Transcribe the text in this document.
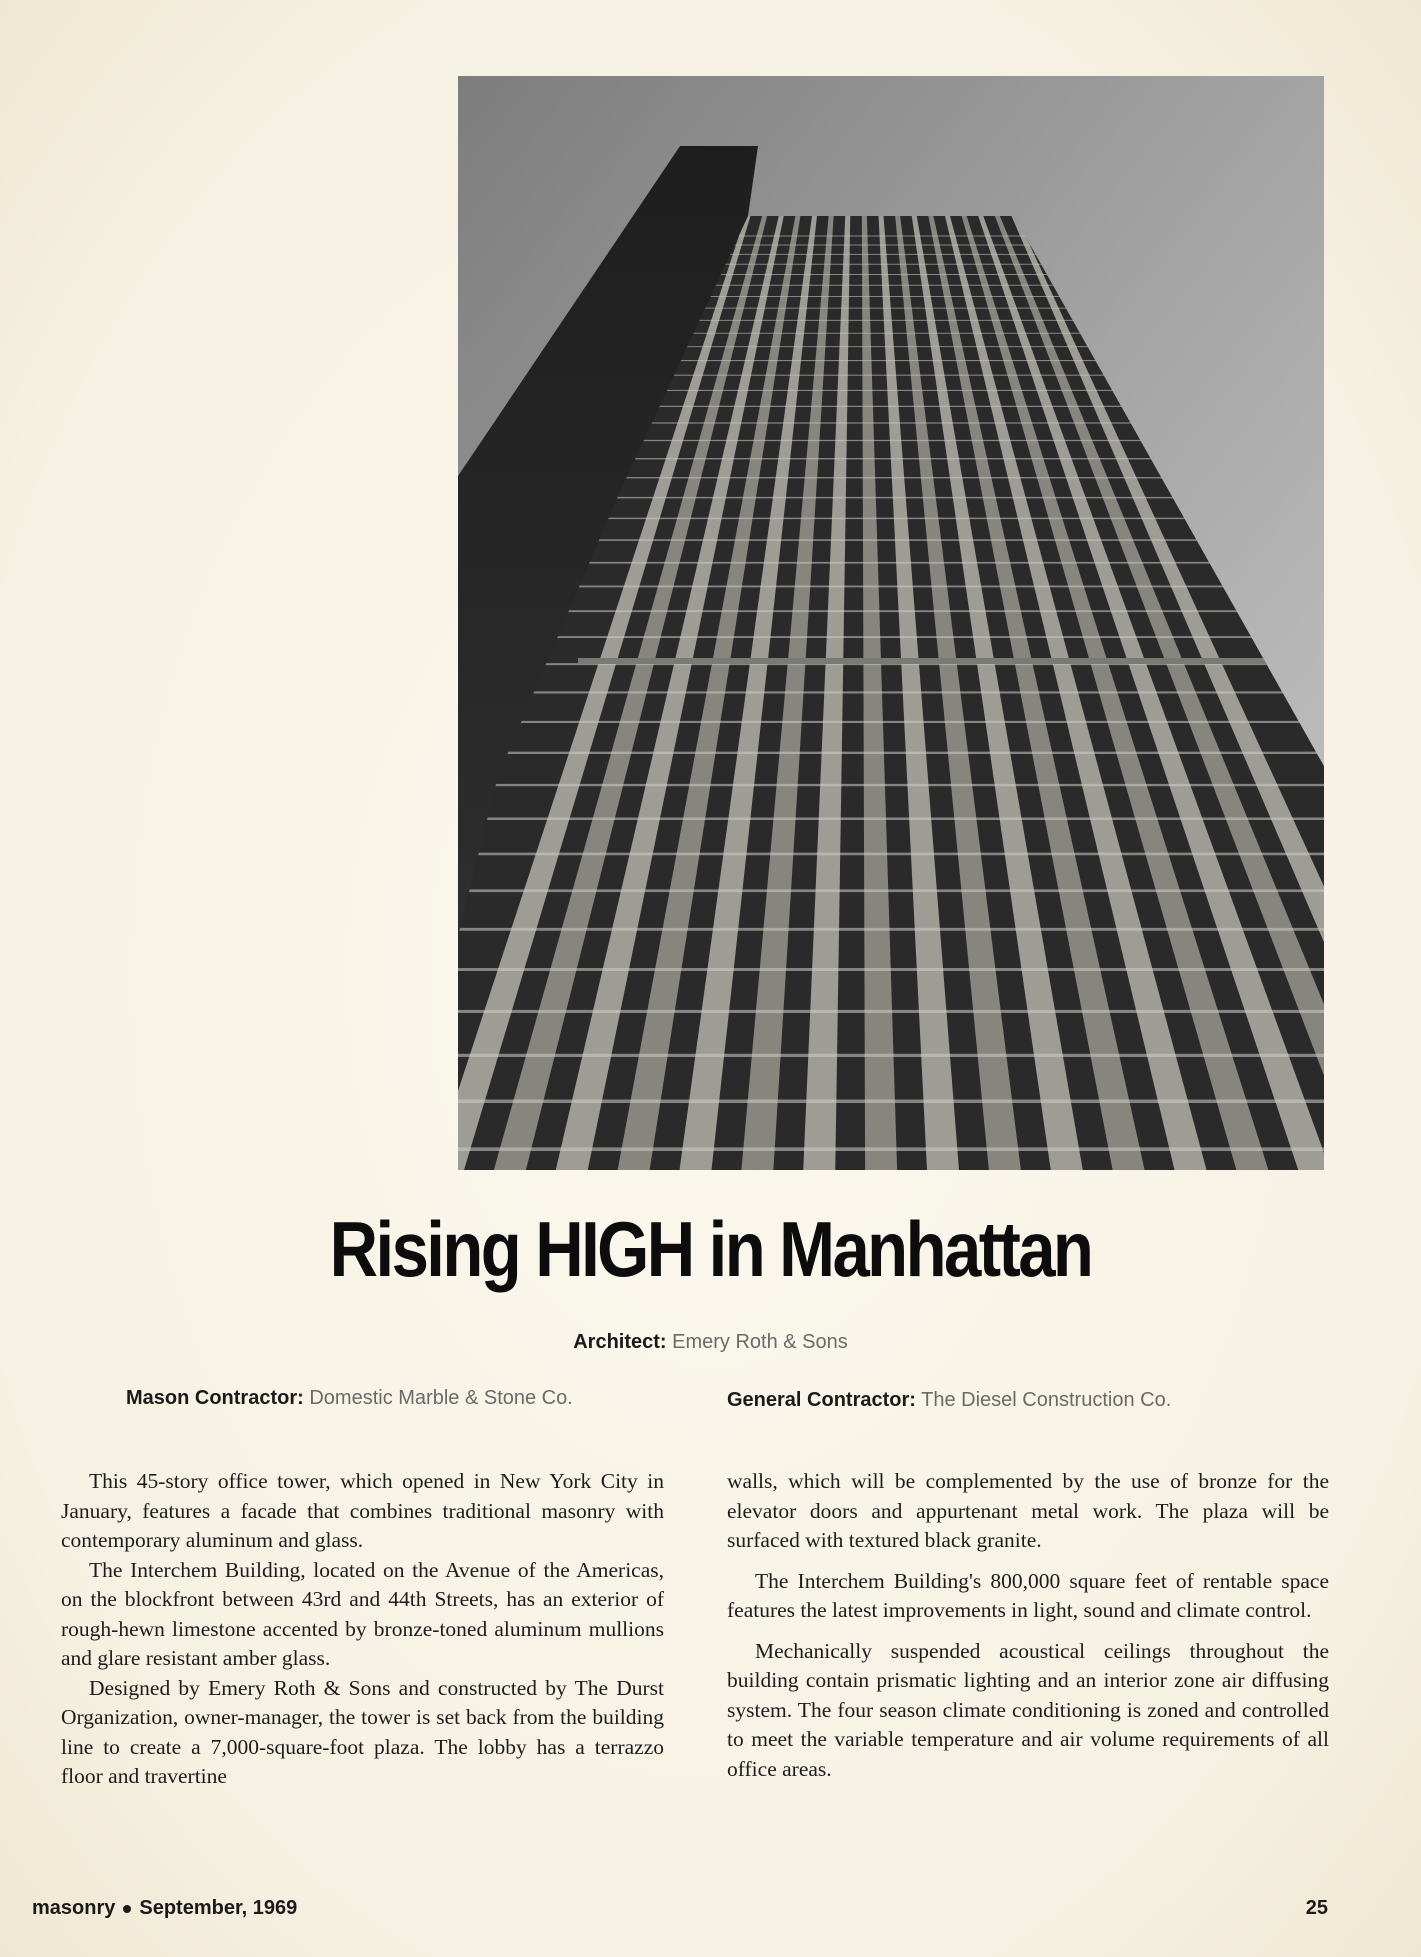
Rising HIGH in Manhattan
Architect: Emery Roth & Sons
Mason Contractor: Domestic Marble & Stone Co.	General Contractor: The Diesel Construction Co.

This 45-story office tower, which opened in New York City in January, features a facade that combines traditional masonry with contemporary aluminum and glass.

The Interchem Building, located on the Avenue of the Americas, on the blockfront between 43rd and 44th Streets, has an exterior of rough-hewn limestone accented by bronze-toned aluminum mullions and glare resistant amber glass.

Designed by Emery Roth & Sons and constructed by The Durst Organization, owner-manager, the tower is set back from the building line to create a 7,000-square-foot plaza. The lobby has a terrazzo floor and travertine

walls, which will be complemented by the use of bronze for the elevator doors and appurtenant metal work. The plaza will be surfaced with textured black granite.

The Interchem Building's 800,000 square feet of rentable space features the latest improvements in light, sound and climate control.

Mechanically suspended acoustical ceilings throughout the building contain prismatic lighting and an interior zone air diffusing system. The four season climate conditioning is zoned and controlled to meet the variable temperature and air volume requirements of all office areas.

masonry September, 1969	25
